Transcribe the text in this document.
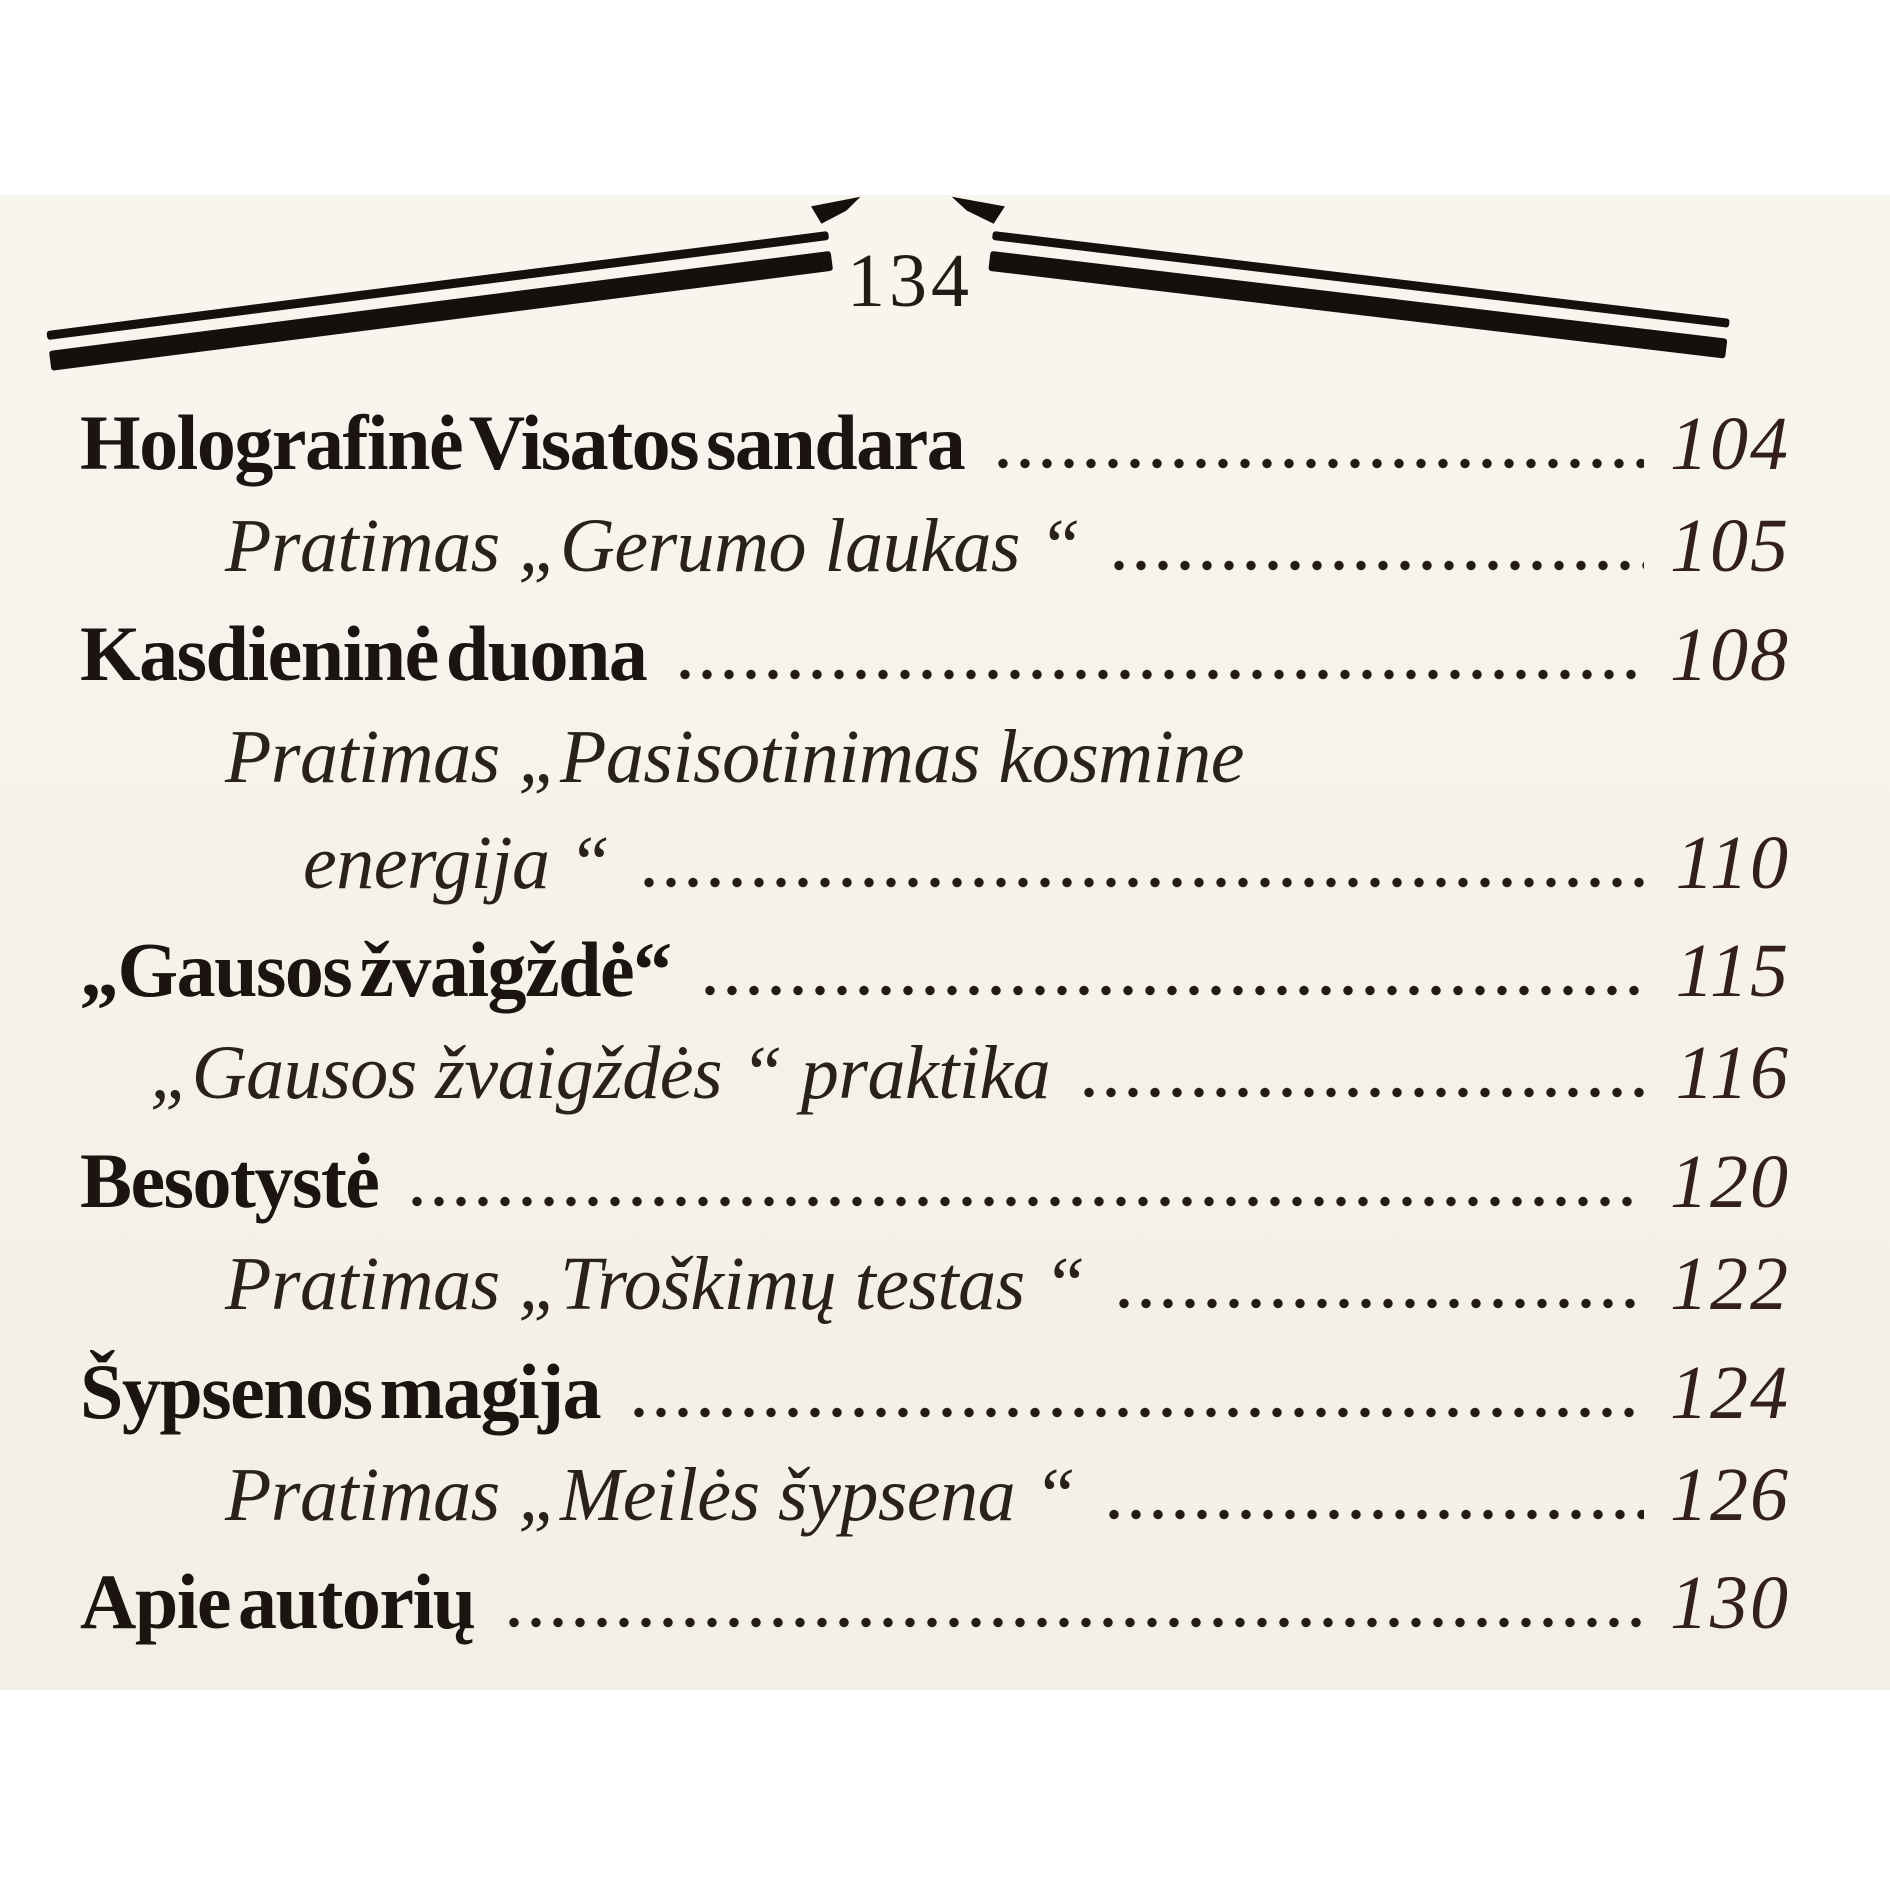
134
Holografinė Visatos sandara	104
Pratimas „Gerumo laukas “	105
Kasdieninė duona	108
Pratimas „Pasisotinimas kosmine
energija “	110
„Gausos žvaigždė“	115
„Gausos žvaigždės “ praktika	116
Besotystė	120
Pratimas „Troškimų testas “	122
Šypsenos magija	124
Pratimas „Meilės šypsena “	126
Apie autorių	130
